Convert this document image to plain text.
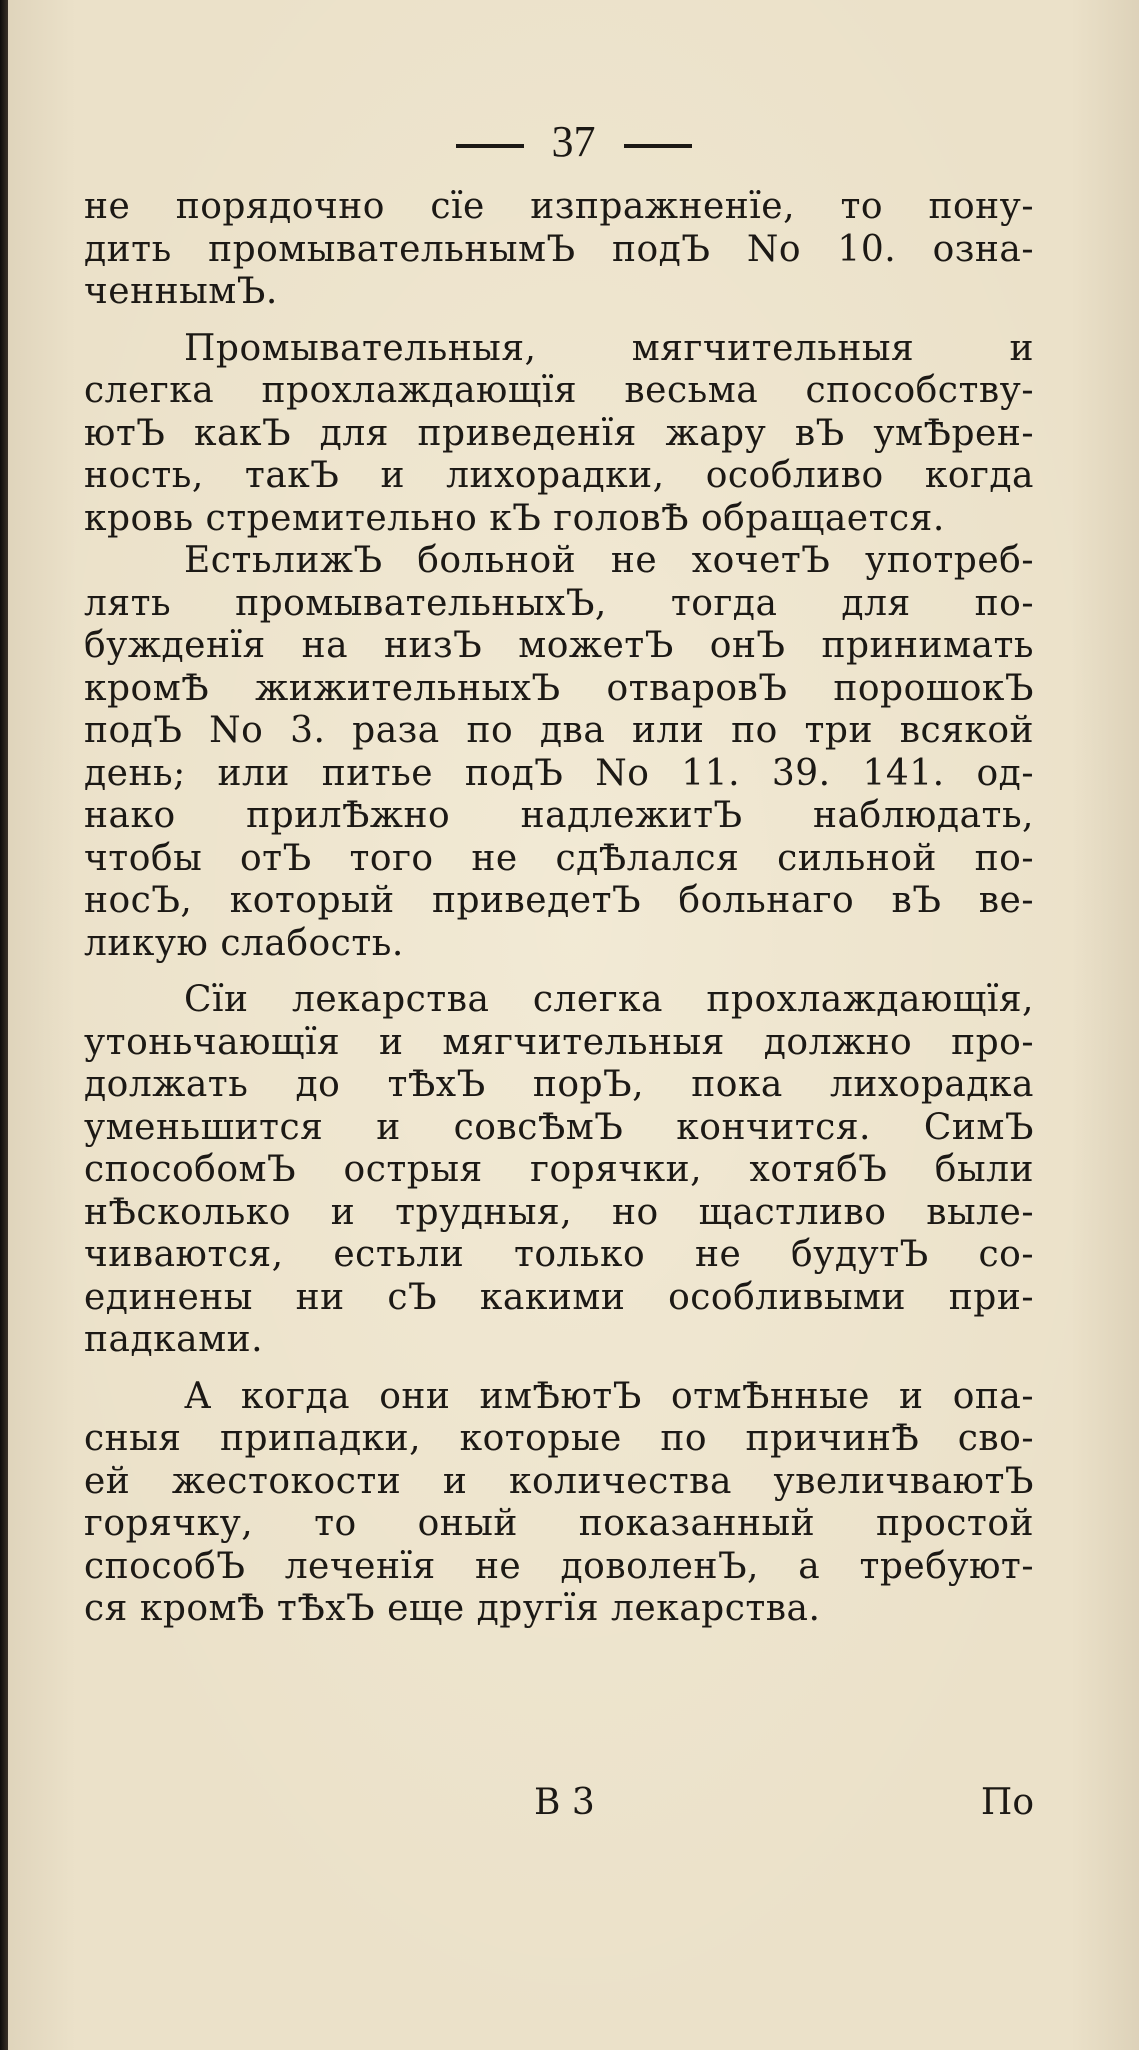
37
не порядочно сїе изпражненїе, то пону-
дить промывательнымЪ подЪ No 10. озна-
ченнымЪ.
Промывательныя, мягчительныя и
слегка прохлаждающїя весьма способству-
ютЪ какЪ для приведенїя жару вЪ умѢрен-
ность, такЪ и лихорадки, особливо когда
кровь стремительно кЪ головѢ обращается.
ЕстьлижЪ больной не хочетЪ употреб-
лять промывательныхЪ, тогда для по-
бужденїя на низЪ можетЪ онЪ принимать
кромѢ жижительныхЪ отваровЪ порошокЪ
подЪ No 3. раза по два или по три всякой
день; или питье подЪ No 11. 39. 141. од-
нако прилѢжно надлежитЪ наблюдать,
чтобы отЪ того не сдѢлался сильной по-
носЪ, который приведетЪ больнаго вЪ ве-
ликую слабость.
Сїи лекарства слегка прохлаждающїя,
утоньчающїя и мягчительныя должно про-
должать до тѢхЪ порЪ, пока лихорадка
уменьшится и совсѢмЪ кончится. СимЪ
способомЪ острыя горячки, хотябЪ были
нѢсколько и трудныя, но щастливо выле-
чиваются, естьли только не будутЪ со-
единены ни сЪ какими особливыми при-
падками.
А когда они имѢютЪ отмѢнные и опа-
сныя припадки, которые по причинѢ сво-
ей жестокости и количества увеличваютЪ
горячку, то оный показанный простой
способЪ леченїя не доволенЪ, а требуют-
ся кромѢ тѢхЪ еще другїя лекарства.
В 3	По
